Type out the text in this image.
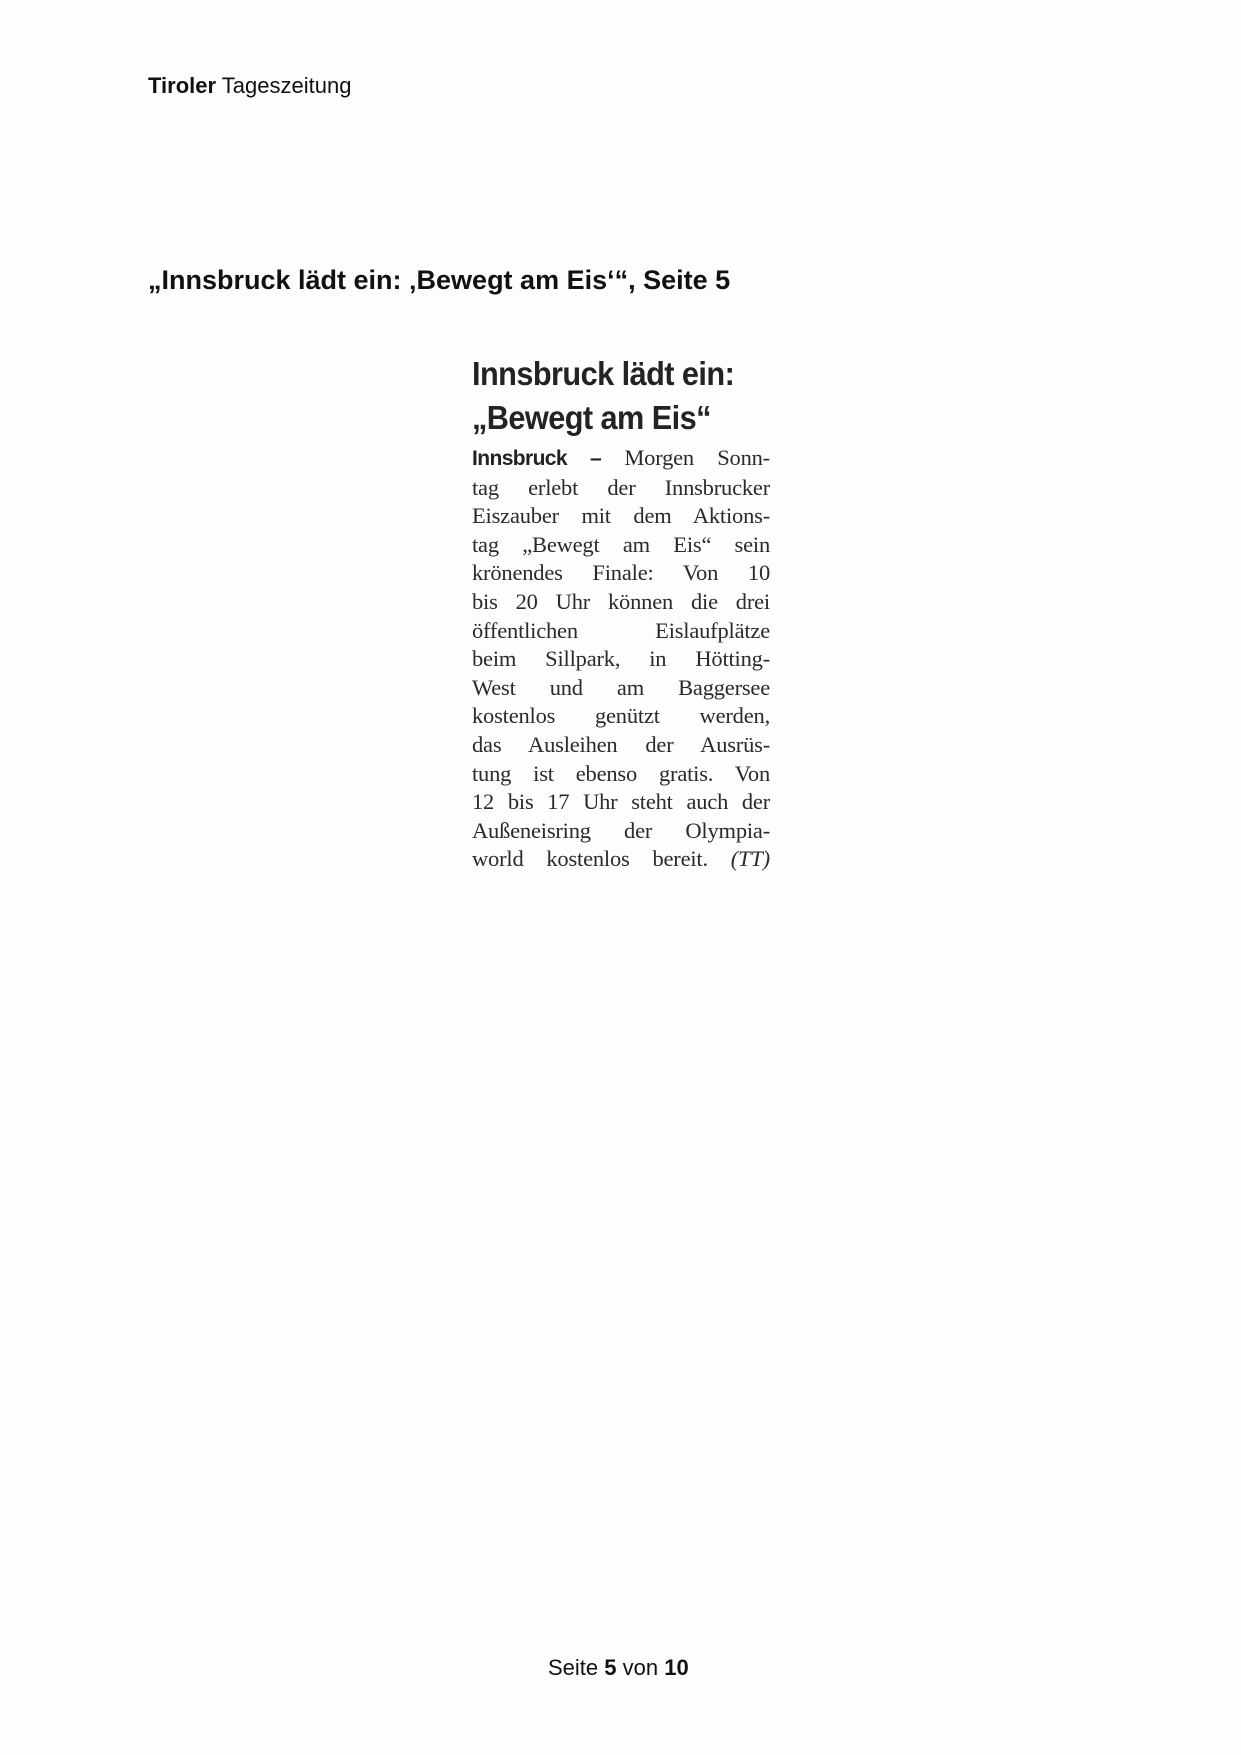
Tiroler Tageszeitung
„Innsbruck lädt ein: ‚Bewegt am Eis‘“, Seite 5
Innsbruck lädt ein:
„Bewegt am Eis“
Innsbruck – Morgen Sonn-
tag erlebt der Innsbrucker
Eiszauber mit dem Aktions-
tag „Bewegt am Eis“ sein
krönendes Finale: Von 10
bis 20 Uhr können die drei
öffentlichen Eislaufplätze
beim Sillpark, in Hötting-
West und am Baggersee
kostenlos genützt werden,
das Ausleihen der Ausrüs-
tung ist ebenso gratis. Von
12 bis 17 Uhr steht auch der
Außeneisring der Olympia-
world kostenlos bereit. (TT)
Seite 5 von 10
